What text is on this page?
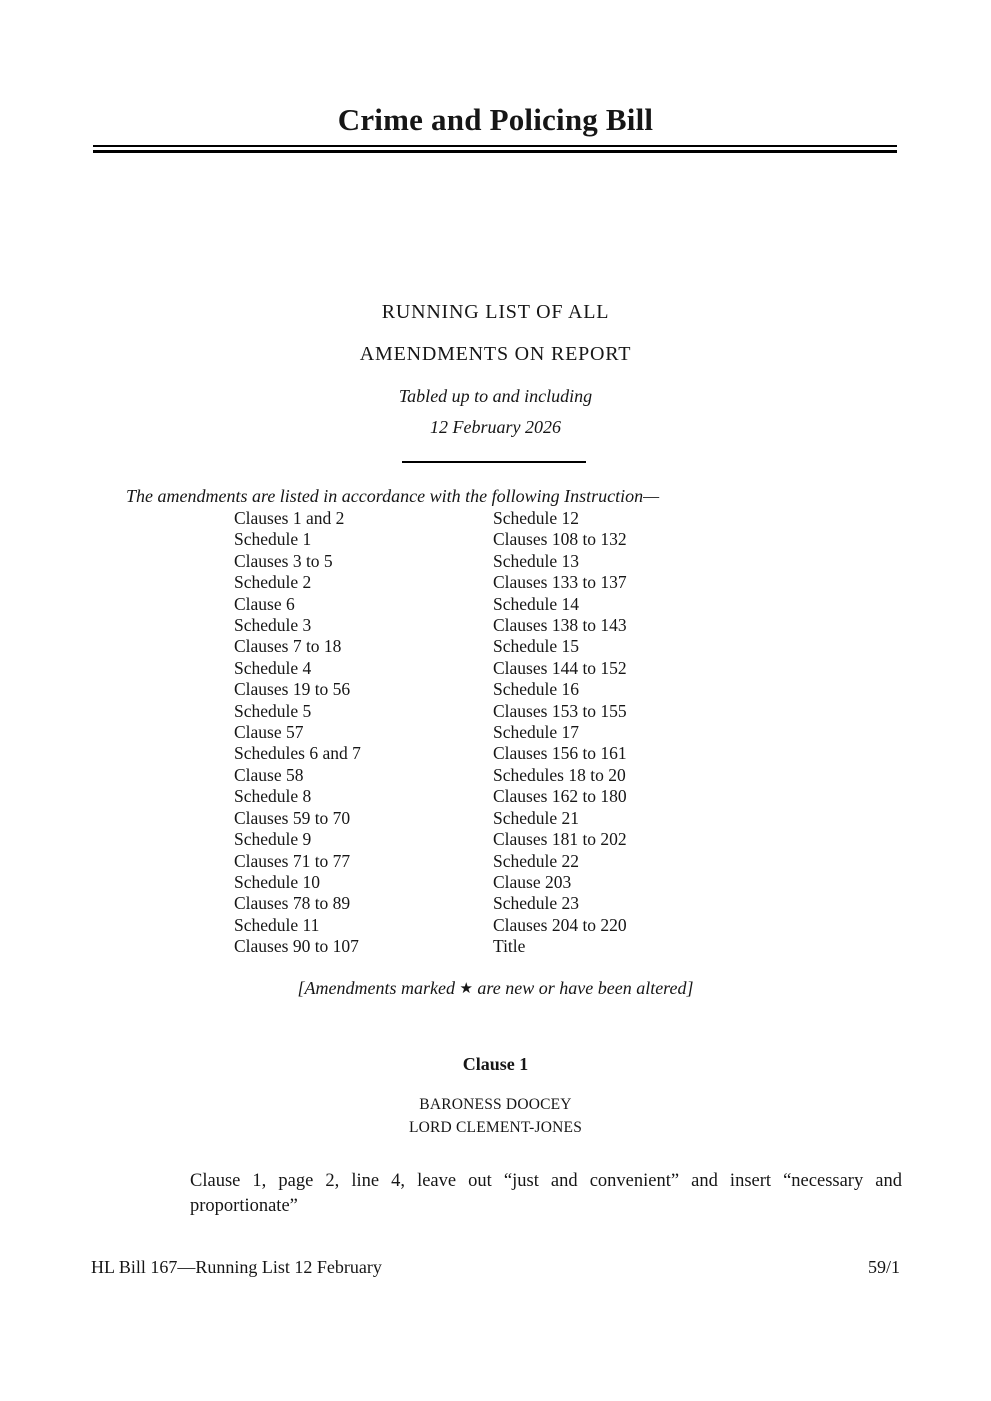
Crime and Policing Bill
RUNNING LIST OF ALL
AMENDMENTS ON REPORT
Tabled up to and including
12 February 2026
The amendments are listed in accordance with the following Instruction—
Clauses 1 and 2
Schedule 1
Clauses 3 to 5
Schedule 2
Clause 6
Schedule 3
Clauses 7 to 18
Schedule 4
Clauses 19 to 56
Schedule 5
Clause 57
Schedules 6 and 7
Clause 58
Schedule 8
Clauses 59 to 70
Schedule 9
Clauses 71 to 77
Schedule 10
Clauses 78 to 89
Schedule 11
Clauses 90 to 107
Schedule 12
Clauses 108 to 132
Schedule 13
Clauses 133 to 137
Schedule 14
Clauses 138 to 143
Schedule 15
Clauses 144 to 152
Schedule 16
Clauses 153 to 155
Schedule 17
Clauses 156 to 161
Schedules 18 to 20
Clauses 162 to 180
Schedule 21
Clauses 181 to 202
Schedule 22
Clause 203
Schedule 23
Clauses 204 to 220
Title
[Amendments marked ★ are new or have been altered]
Clause 1
BARONESS DOOCEY
LORD CLEMENT-JONES
Clause 1, page 2, line 4, leave out “just and convenient” and insert “necessary and proportionate”
HL Bill 167—Running List 12 February	59/1
